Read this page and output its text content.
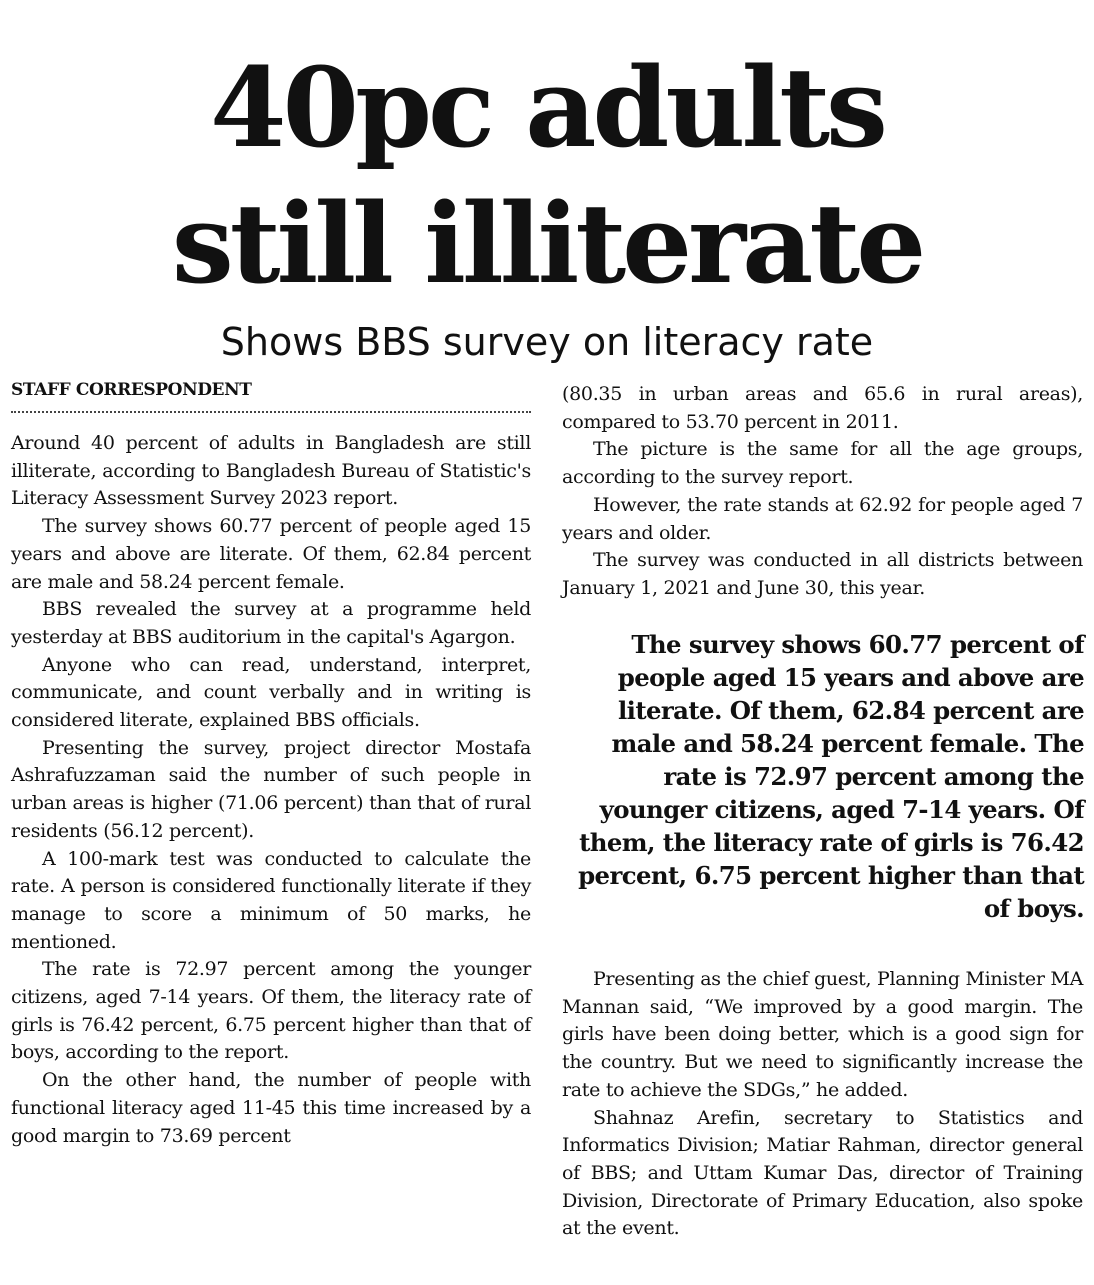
40pc adults
still illiterate
Shows BBS survey on literacy rate
STAFF CORRESPONDENT

Around 40 percent of adults in Bangladesh are still illiterate, according to Bangladesh Bureau of Statistic's Literacy Assessment Survey 2023 report.

The survey shows 60.77 percent of people aged 15 years and above are literate. Of them, 62.84 percent are male and 58.24 percent female.

BBS revealed the survey at a programme held yesterday at BBS auditorium in the capital's Agargon.

Anyone who can read, understand, interpret, communicate, and count verbally and in writing is considered literate, explained BBS officials.

Presenting the survey, project director Mostafa Ashrafuzzaman said the number of such people in urban areas is higher (71.06 percent) than that of rural residents (56.12 percent).

A 100-mark test was conducted to calculate the rate. A person is considered functionally literate if they manage to score a minimum of 50 marks, he mentioned.

The rate is 72.97 percent among the younger citizens, aged 7-14 years. Of them, the literacy rate of girls is 76.42 percent, 6.75 percent higher than that of boys, according to the report.

On the other hand, the number of people with functional literacy aged 11-45 this time increased by a good margin to 73.69 percent

(80.35 in urban areas and 65.6 in rural areas), compared to 53.70 percent in 2011.

The picture is the same for all the age groups, according to the survey report.

However, the rate stands at 62.92 for people aged 7 years and older.

The survey was conducted in all districts between January 1, 2021 and June 30, this year.

The survey shows 60.77 percent of people aged 15 years and above are literate. Of them, 62.84 percent are male and 58.24 percent female. The rate is 72.97 percent among the younger citizens, aged 7-14 years. Of them, the literacy rate of girls is 76.42 percent, 6.75 percent higher than that of boys.

Presenting as the chief guest, Planning Minister MA Mannan said, “We improved by a good margin. The girls have been doing better, which is a good sign for the country. But we need to significantly increase the rate to achieve the SDGs,” he added.

Shahnaz Arefin, secretary to Statistics and Informatics Division; Matiar Rahman, director general of BBS; and Uttam Kumar Das, director of Training Division, Directorate of Primary Education, also spoke at the event.
